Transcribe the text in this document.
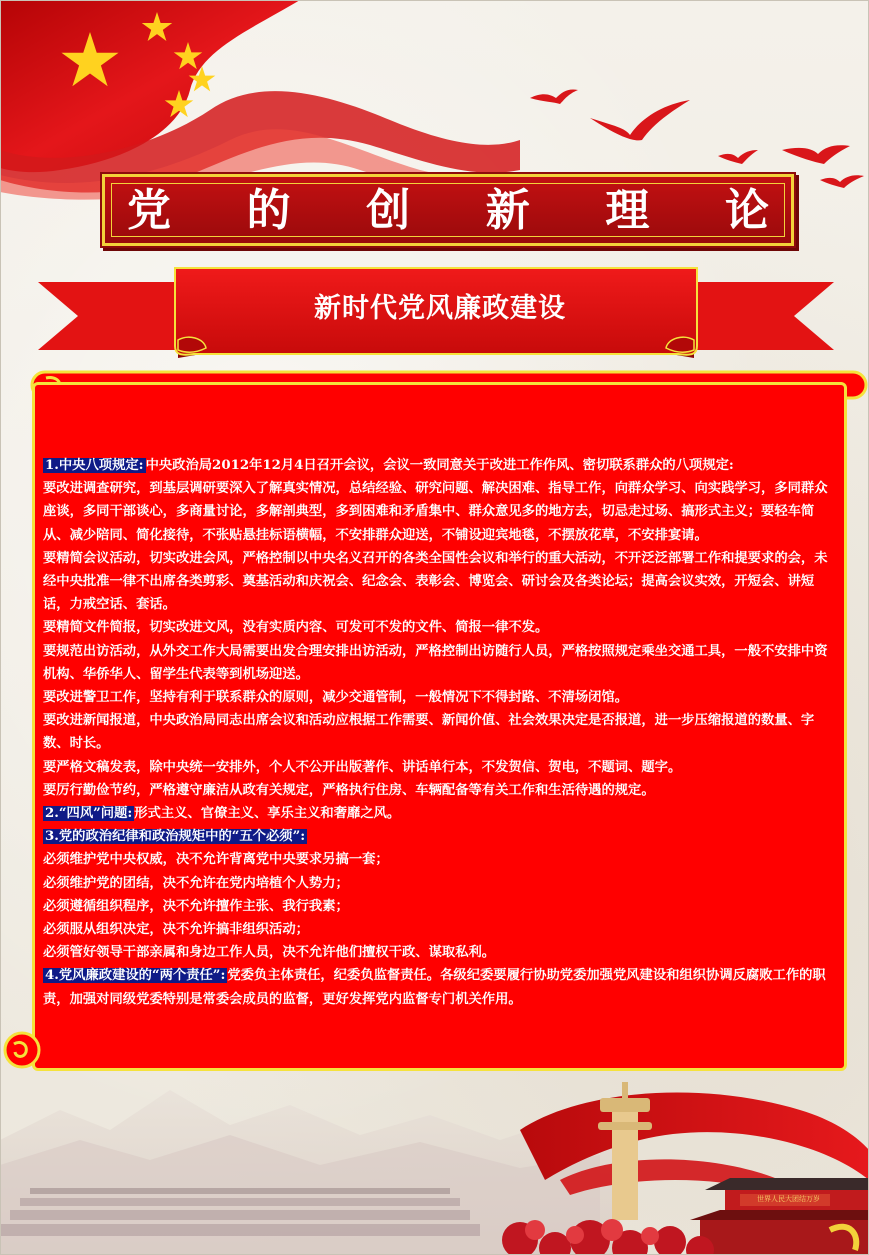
党 的 创 新 理 论
新时代党风廉政建设

1.中央八项规定: 中央政治局2012年12月4日召开会议，会议一致同意关于改进工作作风、密切联系群众的八项规定:

要改进调查研究，到基层调研要深入了解真实情况，总结经验、研究问题、解决困难、指导工作，向群众学习、向实践学习，多同群众座谈，多同干部谈心，多商量讨论，多解剖典型，多到困难和矛盾集中、群众意见多的地方去，切忌走过场、搞形式主义；要轻车简从、减少陪同、简化接待，不张贴悬挂标语横幅，不安排群众迎送，不铺设迎宾地毯，不摆放花草，不安排宴请。

要精简会议活动，切实改进会风，严格控制以中央名义召开的各类全国性会议和举行的重大活动，不开泛泛部署工作和提要求的会，未经中央批准一律不出席各类剪彩、奠基活动和庆祝会、纪念会、表彰会、博览会、研讨会及各类论坛；提高会议实效，开短会、讲短话，力戒空话、套话。

要精简文件简报，切实改进文风，没有实质内容、可发可不发的文件、简报一律不发。

要规范出访活动，从外交工作大局需要出发合理安排出访活动，严格控制出访随行人员，严格按照规定乘坐交通工具，一般不安排中资机构、华侨华人、留学生代表等到机场迎送。

要改进警卫工作，坚持有利于联系群众的原则，减少交通管制，一般情况下不得封路、不清场闭馆。

要改进新闻报道，中央政治局同志出席会议和活动应根据工作需要、新闻价值、社会效果决定是否报道，进一步压缩报道的数量、字数、时长。

要严格文稿发表，除中央统一安排外，个人不公开出版著作、讲话单行本，不发贺信、贺电，不题词、题字。

要厉行勤俭节约，严格遵守廉洁从政有关规定，严格执行住房、车辆配备等有关工作和生活待遇的规定。

2.“四风”问题: 形式主义、官僚主义、享乐主义和奢靡之风。

3.党的政治纪律和政治规矩中的“五个必须”:

必须维护党中央权威，决不允许背离党中央要求另搞一套；

必须维护党的团结，决不允许在党内培植个人势力；

必须遵循组织程序，决不允许擅作主张、我行我素；

必须服从组织决定，决不允许搞非组织活动；

必须管好领导干部亲属和身边工作人员，决不允许他们擅权干政、谋取私利。

4.党风廉政建设的“两个责任”: 党委负主体责任，纪委负监督责任。各级纪委要履行协助党委加强党风建设和组织协调反腐败工作的职责，加强对同级党委特别是常委会成员的监督，更好发挥党内监督专门机关作用。

世界人民大团结万岁
